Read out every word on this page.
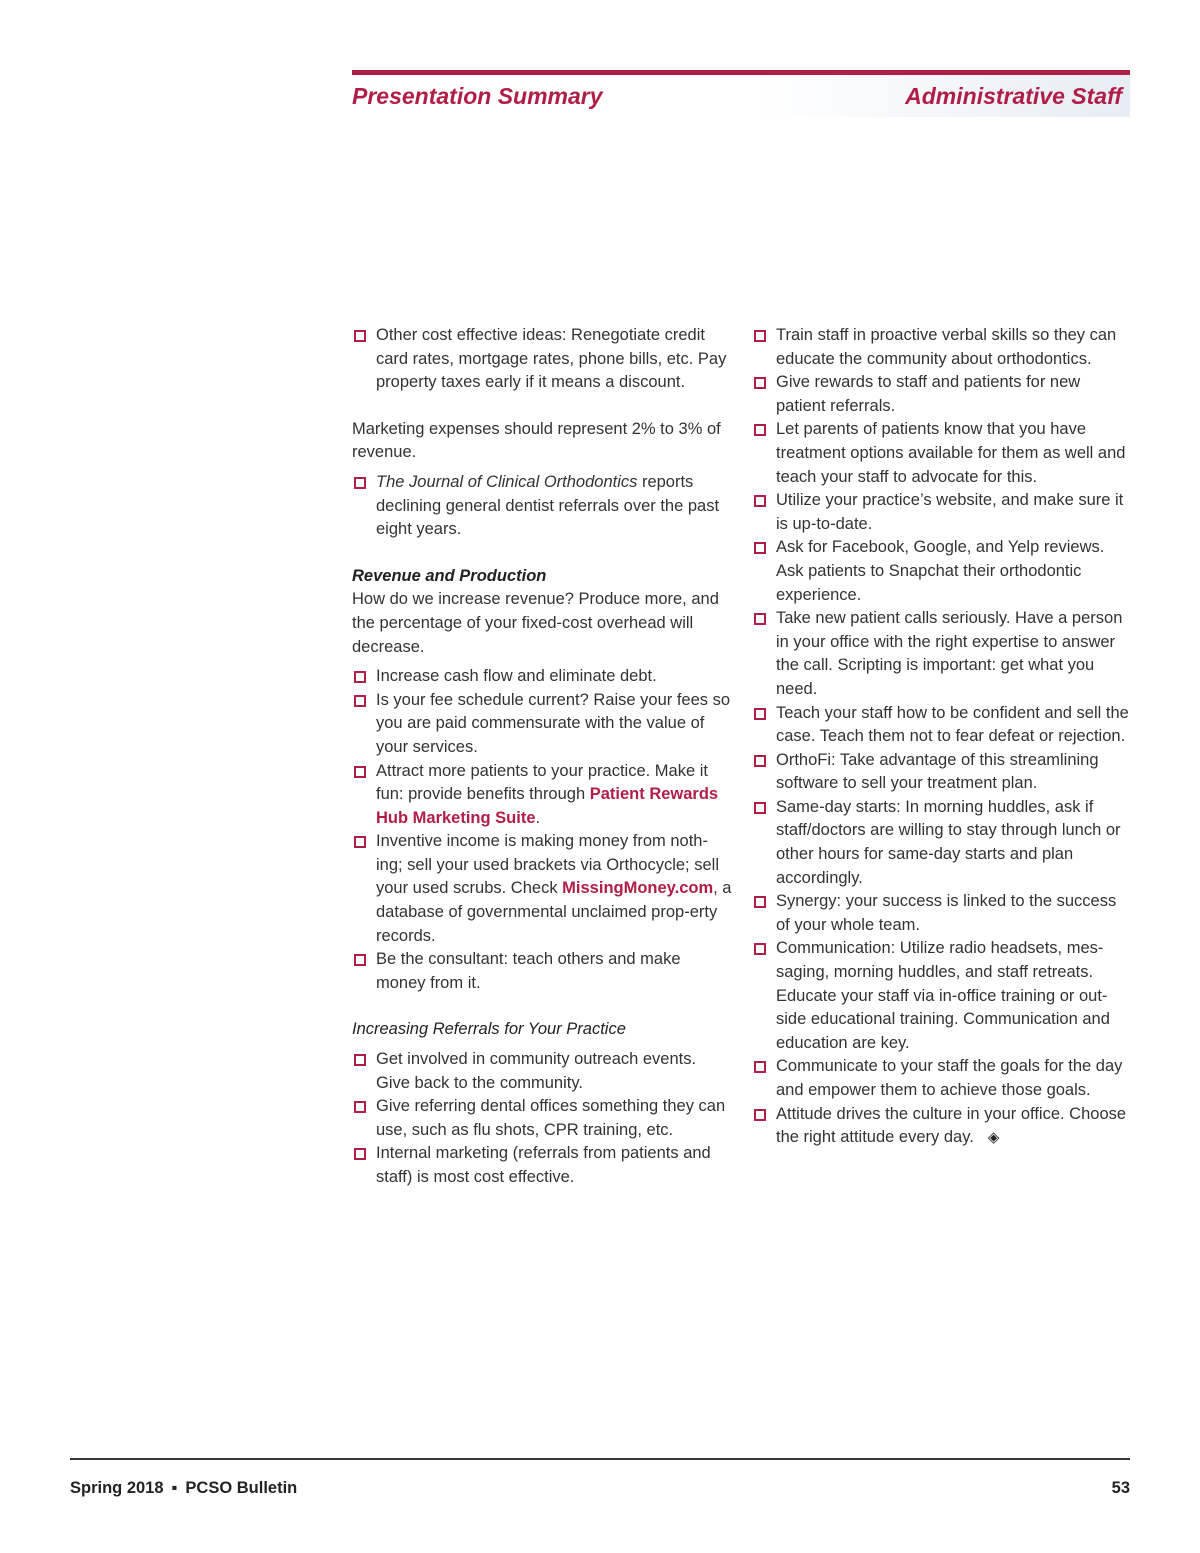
Presentation Summary	Administrative Staff
Other cost effective ideas: Renegotiate credit card rates, mortgage rates, phone bills, etc. Pay property taxes early if it means a discount.

Marketing expenses should represent 2% to 3% of revenue.

The Journal of Clinical Orthodontics reports declining general dentist referrals over the past eight years.
Revenue and Production

How do we increase revenue? Produce more, and the percentage of your fixed-cost overhead will decrease.

Increase cash flow and eliminate debt.
Is your fee schedule current? Raise your fees so you are paid commensurate with the value of your services.
Attract more patients to your practice. Make it fun: provide benefits through Patient Rewards Hub Marketing Suite.
Inventive income is making money from noth-ing; sell your used brackets via Orthocycle; sell your used scrubs. Check MissingMoney.com, a database of governmental unclaimed prop-erty records.
Be the consultant: teach others and make money from it.
Increasing Referrals for Your Practice
Get involved in community outreach events. Give back to the community.
Give referring dental offices something they can use, such as flu shots, CPR training, etc.
Internal marketing (referrals from patients and staff) is most cost effective.
Train staff in proactive verbal skills so they can educate the community about orthodontics.
Give rewards to staff and patients for new patient referrals.
Let parents of patients know that you have treatment options available for them as well and teach your staff to advocate for this.
Utilize your practice’s website, and make sure it is up-to-date.
Ask for Facebook, Google, and Yelp reviews. Ask patients to Snapchat their orthodontic experience.
Take new patient calls seriously. Have a person in your office with the right expertise to answer the call. Scripting is important: get what you need.
Teach your staff how to be confident and sell the case. Teach them not to fear defeat or rejection.
OrthoFi: Take advantage of this streamlining software to sell your treatment plan.
Same-day starts: In morning huddles, ask if staff/doctors are willing to stay through lunch or other hours for same-day starts and plan accordingly.
Synergy: your success is linked to the success of your whole team.
Communication: Utilize radio headsets, mes-saging, morning huddles, and staff retreats. Educate your staff via in-office training or out-side educational training. Communication and education are key.
Communicate to your staff the goals for the day and empower them to achieve those goals.
Attitude drives the culture in your office. Choose the right attitude every day. ◈
Spring 2018 ▪ PCSO Bulletin	53
